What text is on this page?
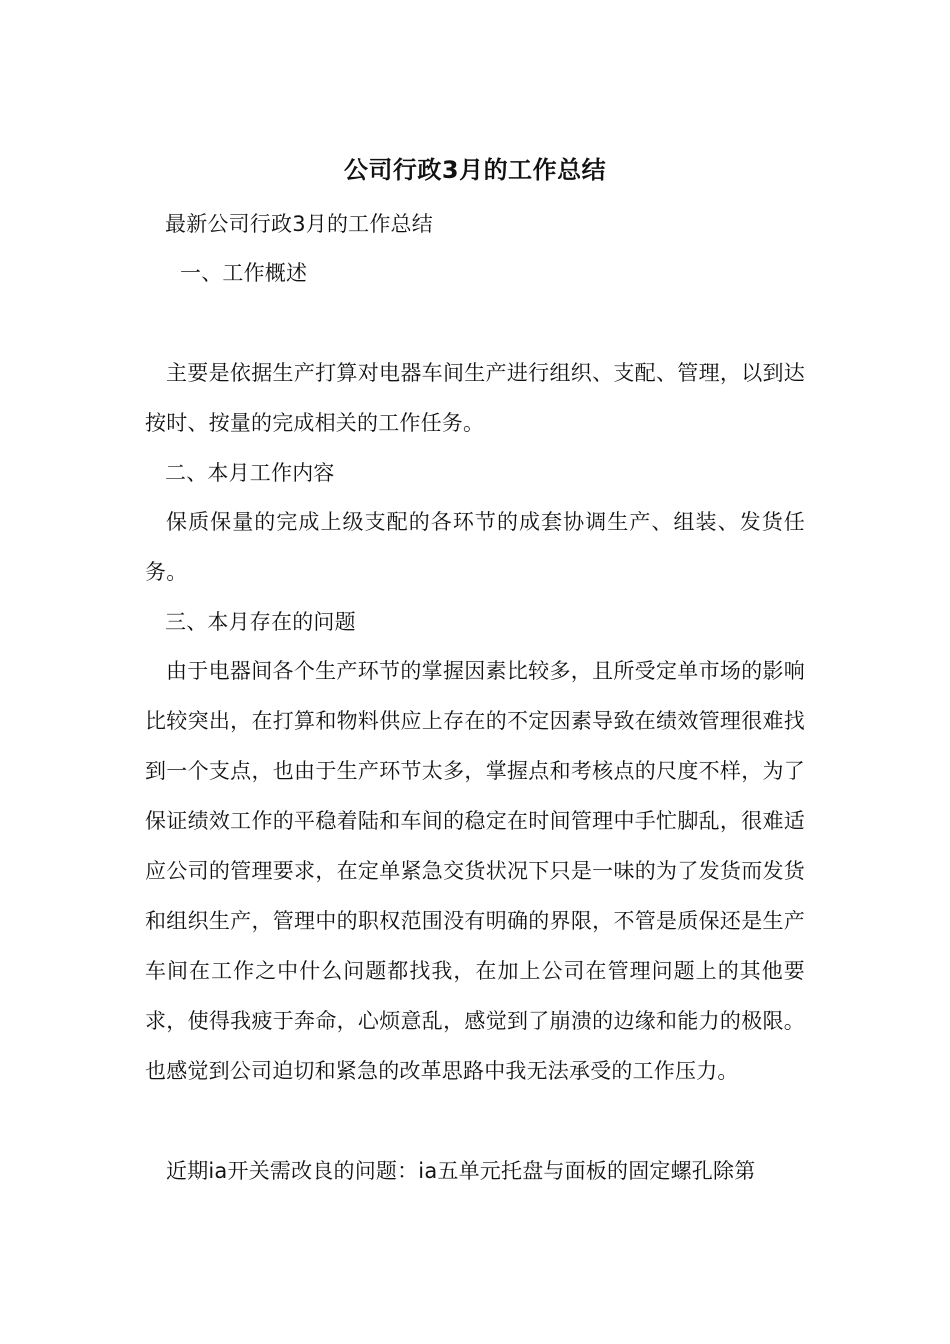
公司行政3月的工作总结
最新公司行政3月的工作总结
一、工作概述
主要是依据生产打算对电器车间生产进行组织、支配、管理，以到达按时、按量的完成相关的工作任务。
二、本月工作内容
保质保量的完成上级支配的各环节的成套协调生产、组装、发货任务。
三、本月存在的问题
由于电器间各个生产环节的掌握因素比较多，且所受定单市场的影响比较突出，在打算和物料供应上存在的不定因素导致在绩效管理很难找到一个支点，也由于生产环节太多，掌握点和考核点的尺度不样，为了保证绩效工作的平稳着陆和车间的稳定在时间管理中手忙脚乱，很难适应公司的管理要求，在定单紧急交货状况下只是一味的为了发货而发货和组织生产，管理中的职权范围没有明确的界限，不管是质保还是生产车间在工作之中什么问题都找我，在加上公司在管理问题上的其他要求，使得我疲于奔命，心烦意乱，感觉到了崩溃的边缘和能力的极限。也感觉到公司迫切和紧急的改革思路中我无法承受的工作压力。
近期ia开关需改良的问题：ia五单元托盘与面板的固定螺孔除第
